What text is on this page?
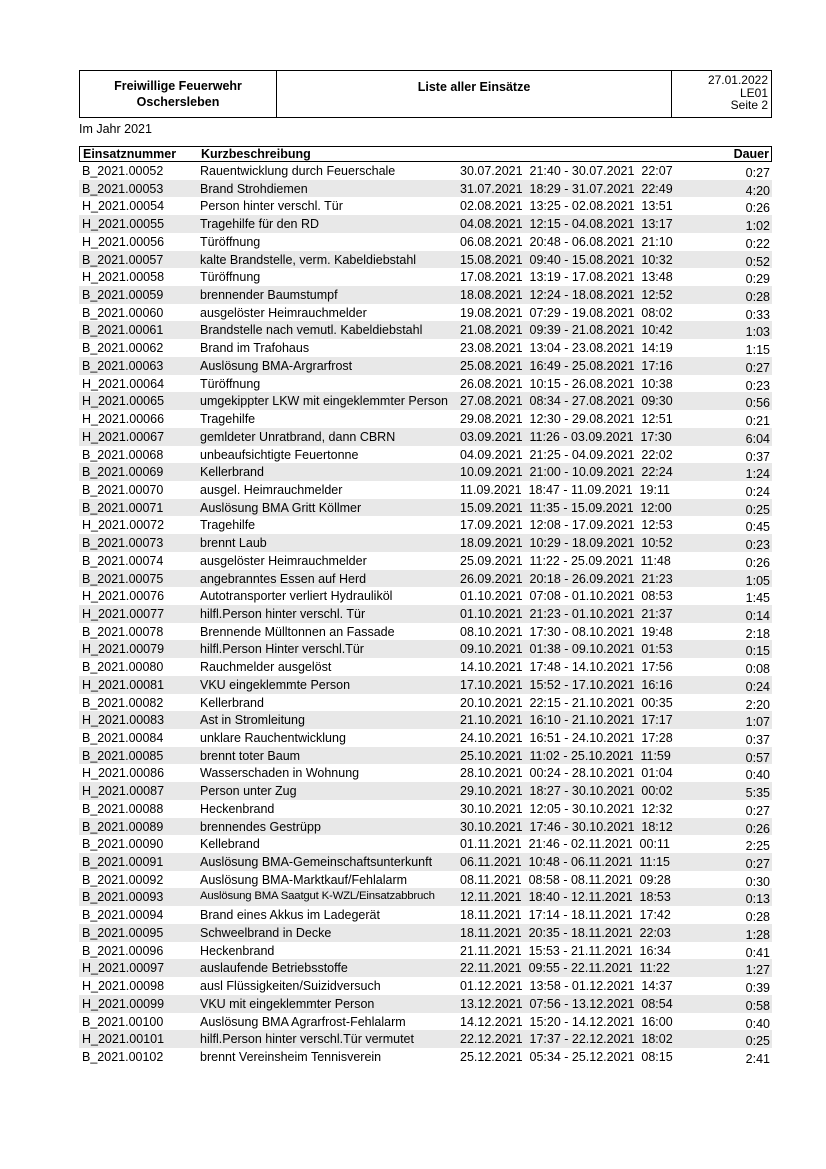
Freiwillige Feuerwehr
Oschersleben
Liste aller Einsätze	27.01.2022
LE01
Seite 2
Im Jahr 2021
Einsatznummer Kurzbeschreibung	Dauer
B_2021.00052	Rauentwicklung durch Feuerschale	30.07.2021  21:40 - 30.07.2021  22:07	0:27
B_2021.00053	Brand Strohdiemen	31.07.2021  18:29 - 31.07.2021  22:49	4:20
H_2021.00054	Person hinter verschl. Tür	02.08.2021  13:25 - 02.08.2021  13:51	0:26
H_2021.00055	Tragehilfe für den RD	04.08.2021  12:15 - 04.08.2021  13:17	1:02
H_2021.00056	Türöffnung	06.08.2021  20:48 - 06.08.2021  21:10	0:22
B_2021.00057	kalte Brandstelle, verm. Kabeldiebstahl	15.08.2021  09:40 - 15.08.2021  10:32	0:52
H_2021.00058	Türöffnung	17.08.2021  13:19 - 17.08.2021  13:48	0:29
B_2021.00059	brennender Baumstumpf	18.08.2021  12:24 - 18.08.2021  12:52	0:28
B_2021.00060	ausgelöster Heimrauchmelder	19.08.2021  07:29 - 19.08.2021  08:02	0:33
B_2021.00061	Brandstelle nach vemutl. Kabeldiebstahl	21.08.2021  09:39 - 21.08.2021  10:42	1:03
B_2021.00062	Brand im Trafohaus	23.08.2021  13:04 - 23.08.2021  14:19	1:15
B_2021.00063	Auslösung BMA-Argrarfrost	25.08.2021  16:49 - 25.08.2021  17:16	0:27
H_2021.00064	Türöffnung	26.08.2021  10:15 - 26.08.2021  10:38	0:23
H_2021.00065	umgekippter LKW mit eingeklemmter Person 27.08.2021  08:34 - 27.08.2021  09:30	0:56
H_2021.00066	Tragehilfe	29.08.2021  12:30 - 29.08.2021  12:51	0:21
H_2021.00067	gemldeter Unratbrand, dann CBRN	03.09.2021  11:26 - 03.09.2021  17:30	6:04
B_2021.00068	unbeaufsichtigte Feuertonne	04.09.2021  21:25 - 04.09.2021  22:02	0:37
B_2021.00069	Kellerbrand	10.09.2021  21:00 - 10.09.2021  22:24	1:24
B_2021.00070	ausgel. Heimrauchmelder	11.09.2021  18:47 - 11.09.2021  19:11	0:24
B_2021.00071	Auslösung BMA Gritt Köllmer	15.09.2021  11:35 - 15.09.2021  12:00	0:25
H_2021.00072	Tragehilfe	17.09.2021  12:08 - 17.09.2021  12:53	0:45
B_2021.00073	brennt Laub	18.09.2021  10:29 - 18.09.2021  10:52	0:23
B_2021.00074	ausgelöster Heimrauchmelder	25.09.2021  11:22 - 25.09.2021  11:48	0:26
B_2021.00075	angebranntes Essen auf Herd	26.09.2021  20:18 - 26.09.2021  21:23	1:05
H_2021.00076	Autotransporter verliert Hydrauliköl	01.10.2021  07:08 - 01.10.2021  08:53	1:45
H_2021.00077	hilfl.Person hinter verschl. Tür	01.10.2021  21:23 - 01.10.2021  21:37	0:14
B_2021.00078	Brennende Mülltonnen an Fassade	08.10.2021  17:30 - 08.10.2021  19:48	2:18
H_2021.00079	hilfl.Person Hinter verschl.Tür	09.10.2021  01:38 - 09.10.2021  01:53	0:15
B_2021.00080	Rauchmelder ausgelöst	14.10.2021  17:48 - 14.10.2021  17:56	0:08
H_2021.00081	VKU eingeklemmte Person	17.10.2021  15:52 - 17.10.2021  16:16	0:24
B_2021.00082	Kellerbrand	20.10.2021  22:15 - 21.10.2021  00:35	2:20
H_2021.00083	Ast in Stromleitung	21.10.2021  16:10 - 21.10.2021  17:17	1:07
B_2021.00084	unklare Rauchentwicklung	24.10.2021  16:51 - 24.10.2021  17:28	0:37
B_2021.00085	brennt toter Baum	25.10.2021  11:02 - 25.10.2021  11:59	0:57
H_2021.00086	Wasserschaden in Wohnung	28.10.2021  00:24 - 28.10.2021  01:04	0:40
H_2021.00087	Person unter Zug	29.10.2021  18:27 - 30.10.2021  00:02	5:35
B_2021.00088	Heckenbrand	30.10.2021  12:05 - 30.10.2021  12:32	0:27
B_2021.00089	brennendes Gestrüpp	30.10.2021  17:46 - 30.10.2021  18:12	0:26
B_2021.00090	Kellebrand	01.11.2021  21:46 - 02.11.2021  00:11	2:25
B_2021.00091	Auslösung BMA-Gemeinschaftsunterkunft 06.11.2021  10:48 - 06.11.2021  11:15	0:27
B_2021.00092	Auslösung BMA-Marktkauf/Fehlalarm	08.11.2021  08:58 - 08.11.2021  09:28	0:30
B_2021.00093	Auslösung BMA Saatgut K-WZL/Einsatzabbruch 12.11.2021  18:40 - 12.11.2021  18:53	0:13
B_2021.00094	Brand eines Akkus im Ladegerät	18.11.2021  17:14 - 18.11.2021  17:42	0:28
B_2021.00095	Schweelbrand in Decke	18.11.2021  20:35 - 18.11.2021  22:03	1:28
B_2021.00096	Heckenbrand	21.11.2021  15:53 - 21.11.2021  16:34	0:41
H_2021.00097	auslaufende Betriebsstoffe	22.11.2021  09:55 - 22.11.2021  11:22	1:27
H_2021.00098	ausl Flüssigkeiten/Suizidversuch	01.12.2021  13:58 - 01.12.2021  14:37	0:39
H_2021.00099	VKU mit eingeklemmter Person	13.12.2021  07:56 - 13.12.2021  08:54	0:58
B_2021.00100	Auslösung BMA Agrarfrost-Fehlalarm	14.12.2021  15:20 - 14.12.2021  16:00	0:40
H_2021.00101	hilfl.Person hinter verschl.Tür vermutet	22.12.2021  17:37 - 22.12.2021  18:02	0:25
B_2021.00102	brennt Vereinsheim Tennisverein	25.12.2021  05:34 - 25.12.2021  08:15	2:41
